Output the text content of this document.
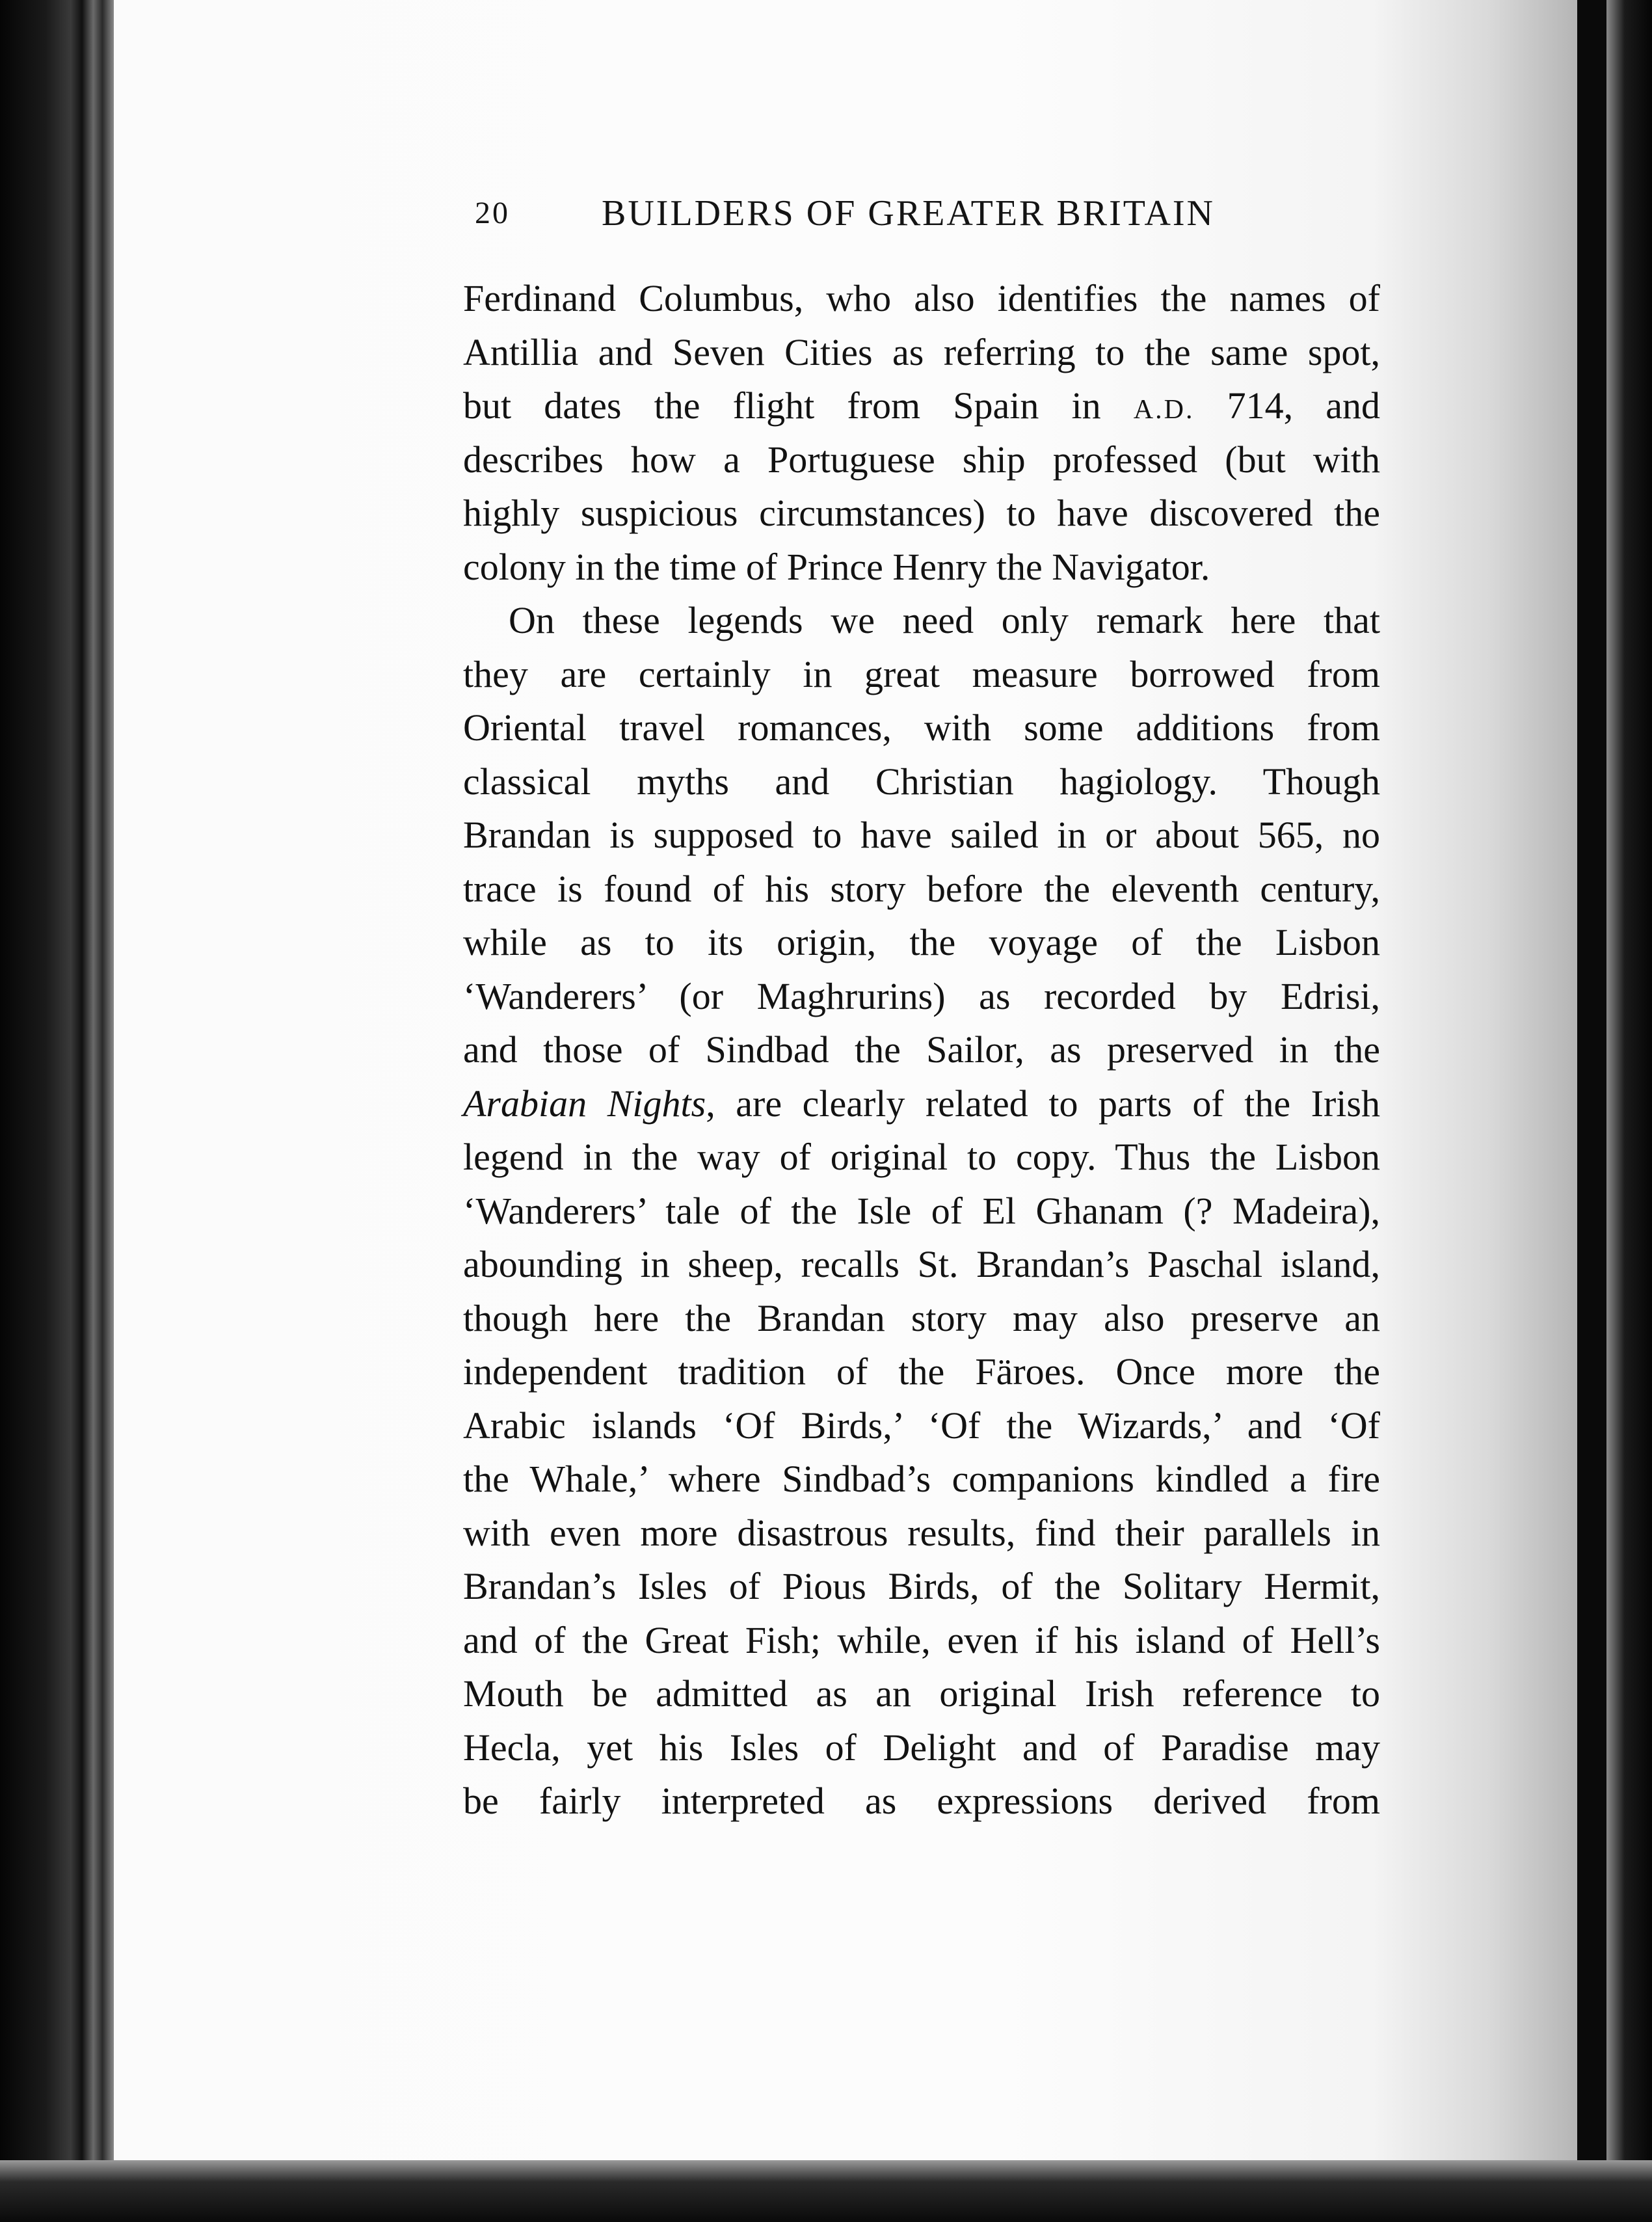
20	BUILDERS OF GREATER BRITAIN
Ferdinand Columbus, who also identifies the names of
Antillia and Seven Cities as referring to the same spot,
but dates the flight from Spain in A.D. 714, and
describes how a Portuguese ship professed (but with
highly suspicious circumstances) to have discovered the
colony in the time of Prince Henry the Navigator.
On these legends we need only remark here that
they are certainly in great measure borrowed from
Oriental travel romances, with some additions from
classical myths and Christian hagiology. Though
Brandan is supposed to have sailed in or about 565, no
trace is found of his story before the eleventh century,
while as to its origin, the voyage of the Lisbon
‘Wanderers’ (or Maghrurins) as recorded by Edrisi,
and those of Sindbad the Sailor, as preserved in the
Arabian Nights, are clearly related to parts of the Irish
legend in the way of original to copy. Thus the Lisbon
‘Wanderers’ tale of the Isle of El Ghanam (? Madeira),
abounding in sheep, recalls St. Brandan’s Paschal island,
though here the Brandan story may also preserve an
independent tradition of the Färoes. Once more the
Arabic islands ‘Of Birds,’ ‘Of the Wizards,’ and ‘Of
the Whale,’ where Sindbad’s companions kindled a fire
with even more disastrous results, find their parallels in
Brandan’s Isles of Pious Birds, of the Solitary Hermit,
and of the Great Fish; while, even if his island of Hell’s
Mouth be admitted as an original Irish reference to
Hecla, yet his Isles of Delight and of Paradise may
be fairly interpreted as expressions derived from
